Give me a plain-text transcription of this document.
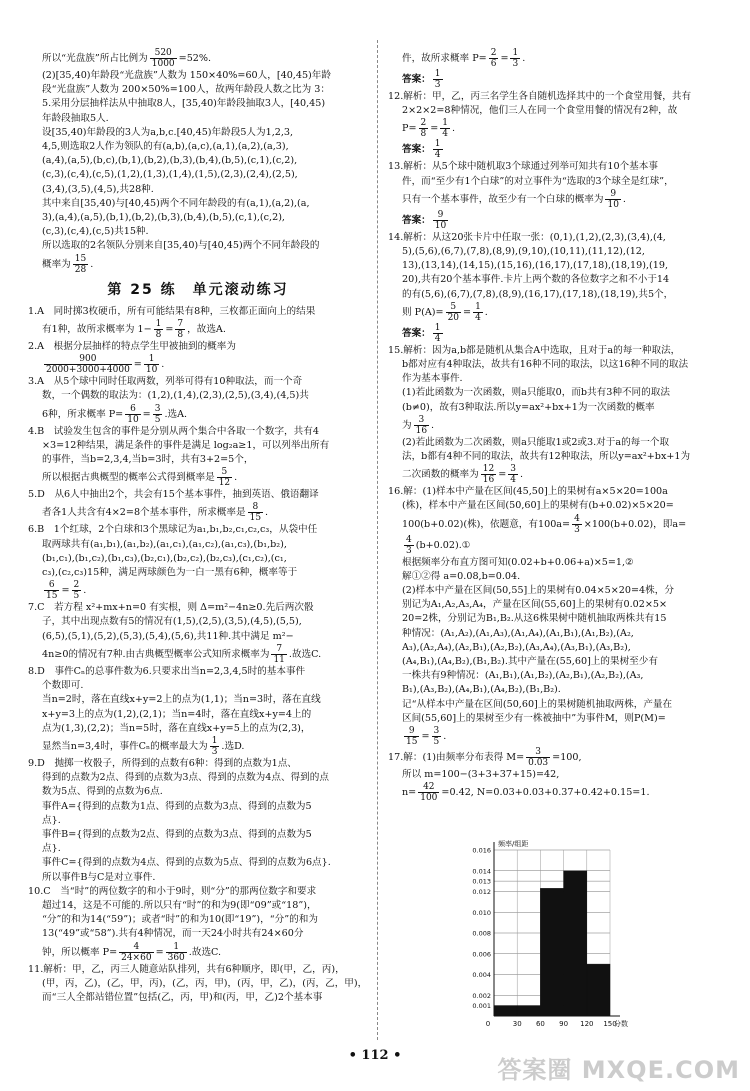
所以“光盘族”所占比例为 $\frac{520}{1000} =52\%$.

(2)[35,40)年龄段“光盘族”人数为 150×40%=60人，[40,45)年龄

段“光盘族”人数为 200×50%=100人，故两年龄段人数之比为 3：

5.采用分层抽样法从中抽取8人，[35,40)年龄段抽取3人，[40,45)

年龄段抽取5人.

设[35,40)年龄段的3人为a,b,c.[40,45)年龄段5人为1,2,3,

4,5,则选取2人作为领队的有(a,b),(a,c),(a,1),(a,2),(a,3),

(a,4),(a,5),(b,c),(b,1),(b,2),(b,3),(b,4),(b,5),(c,1),(c,2),

(c,3),(c,4),(c,5),(1,2),(1,3),(1,4),(1,5),(2,3),(2,4),(2,5),

(3,4),(3,5),(4,5),共28种.

其中来自[35,40)与[40,45)两个不同年龄段的有(a,1),(a,2),(a,

3),(a,4),(a,5),(b,1),(b,2),(b,3),(b,4),(b,5),(c,1),(c,2),

(c,3),(c,4),(c,5)共15种.

所以选取的2名领队分别来自[35,40)与[40,45)两个不同年龄段的

概率为 $\frac{15}{28}$ .

第 25 练　单元滚动练习

1.A　同时掷3枚硬币，所有可能结果有8种，三枚都正面向上的结果

有1种，故所求概率为 $1- \frac{1}{8} = \frac{7}{8}$ ，故选A.

2.A　根据分层抽样的特点学生甲被抽到的概率为

$\frac{900}{2000+3000+4000} = \frac{1}{10}$ .

3.A　从5个球中同时任取两数，列举可得有10种取法，而一个奇

数，一个偶数的取法为：(1,2),(1,4),(2,3),(2,5),(3,4),(4,5)共

6种，所求概率 $P= \frac{6}{10} = \frac{3}{5}$ .选A.

4.B　试验发生包含的事件是分别从两个集合中各取一个数字，共有4

×3=12种结果，满足条件的事件是满足 log₂a≥1，可以列举出所有

的事件，当b=2,3,4,当b=3时，共有3+2=5个，

所以根据古典概型的概率公式得到概率是 $\frac{5}{12}$ .

5.D　从6人中抽出2个，共会有15个基本事件，抽到英语、俄语翻译

者各1人共含有4×2=8个基本事件，所求概率是 $\frac{8}{15}$ .

6.B　1个红球，2个白球和3个黑球记为a₁,b₁,b₂,c₁,c₂,c₃，从袋中任

取两球共有(a₁,b₁),(a₁,b₂),(a₁,c₁),(a₁,c₂),(a₁,c₃),(b₁,b₂),

(b₁,c₁),(b₁,c₂),(b₁,c₃),(b₂,c₁),(b₂,c₂),(b₂,c₃),(c₁,c₂),(c₁,

c₃),(c₂,c₃)15种，满足两球颜色为一白一黑有6种，概率等于

$\frac{6}{15} = \frac{2}{5}$ .

7.C　若方程 x²+mx+n=0 有实根，则 Δ=m²−4n≥0.先后两次骰

子，其中出现点数有5的情况有(1,5),(2,5),(3,5),(4,5),(5,5),

(6,5),(5,1),(5,2),(5,3),(5,4),(5,6),共11种.其中满足 m²−

4n≥0的情况有7种.由古典概型概率公式知所求概率为 $\frac{7}{11}$ .故选C.

8.D　事件Cₙ的总事件数为6.只要求出当n=2,3,4,5时的基本事件

个数即可.

当n=2时，落在直线x+y=2上的点为(1,1)；当n=3时，落在直线

x+y=3上的点为(1,2),(2,1)；当n=4时，落在直线x+y=4上的

点为(1,3),(2,2)；当n=5时，落在直线x+y=5上的点为(2,3)，

显然当n=3,4时，事件Cₙ的概率最大为 $\frac{1}{3}$ .选D.

9.D　抛掷一枚骰子，所得到的点数有6种：得到的点数为1点、

得到的点数为2点、得到的点数为3点、得到的点数为4点、得到的点

数为5点、得到的点数为6点.

事件A={得到的点数为1点、得到的点数为3点、得到的点数为5

点}.

事件B={得到的点数为2点、得到的点数为3点、得到的点数为5

点}.

事件C={得到的点数为4点、得到的点数为5点、得到的点数为6点}.

所以事件B与C是对立事件.

10.C　当“时”的两位数字的和小于9时，则“分”的那两位数字和要求

超过14，这是不可能的.所以只有“时”的和为9(即“09”或“18”)，

“分”的和为14(“59”)；或者“时”的和为10(即“19”)，“分”的和为

13(“49”或“58”).共有4种情况，而一天24小时共有24×60分

钟，所以概率 $P= \frac{4}{24\times 60} = \frac{1}{360}$ .故选C.

11.解析：甲，乙，丙三人随意站队排列，共有6种顺序，即(甲，乙，丙)，

(甲，丙，乙)，(乙，甲，丙)，(乙，丙，甲)，(丙，甲，乙)，(丙，乙，甲)，

而“三人全都站错位置”包括(乙，丙，甲)和(丙，甲，乙)2个基本事

件，故所求概率 $P= \frac{2}{6} = \frac{1}{3}$ .

答案： $\frac{1}{3}$

12.解析：甲，乙，丙三名学生各自随机选择其中的一个食堂用餐，共有

2×2×2=8种情况，他们三人在同一个食堂用餐的情况有2种，故

$P= \frac{2}{8} = \frac{1}{4}$ .

答案： $\frac{1}{4}$

13.解析：从5个球中随机取3个球通过列举可知共有10个基本事

件，而“至少有1个白球”的对立事件为“选取的3个球全是红球”，

只有一个基本事件，故至少有一个白球的概率为 $\frac{9}{10}$ .

答案： $\frac{9}{10}$

14.解析：从这20张卡片中任取一张：(0,1),(1,2),(2,3),(3,4),(4,

5),(5,6),(6,7),(7,8),(8,9),(9,10),(10,11),(11,12),(12,

13),(13,14),(14,15),(15,16),(16,17),(17,18),(18,19),(19,

20),共有20个基本事件.卡片上两个数的各位数字之和不小于14

的有(5,6),(6,7),(7,8),(8,9),(16,17),(17,18),(18,19),共5个，

则 $P(A)= \frac{5}{20} = \frac{1}{4}$ .

答案： $\frac{1}{4}$

15.解析：因为a,b都是随机从集合A中选取，且对于a的每一种取法，

b都对应有4种取法，故共有16种不同的取法，以这16种不同的取法

作为基本事件.

(1)若此函数为一次函数，则a只能取0，而b共有3种不同的取法

(b≠0)，故有3种取法.所以y=ax²+bx+1为一次函数的概率

为 $\frac{3}{16}$ .

(2)若此函数为二次函数，则a只能取1或2或3.对于a的每一个取

法，b都有4种不同的取法，故共有12种取法，所以y=ax²+bx+1为

二次函数的概率为 $\frac{12}{16} = \frac{3}{4}$ .

16.解：(1)样本中产量在区间(45,50]上的果树有a×5×20=100a

(株)，样本中产量在区间(50,60]上的果树有(b+0.02)×5×20=

100(b+0.02)(株)，依题意，有$100a= \frac{4}{3} \times 100(b+0.02)$，即a=

$\frac{4}{3}$ (b+0.02).①

根据频率分布直方图可知(0.02+b+0.06+a)×5=1,②

解①②得 a=0.08,b=0.04.

(2)样本中产量在区间(50,55]上的果树有0.04×5×20=4株，分

别记为A₁,A₂,A₃,A₄，产量在区间(55,60]上的果树有0.02×5×

20=2株，分别记为B₁,B₂.从这6株果树中随机抽取两株共有15

种情况：(A₁,A₂),(A₁,A₃),(A₁,A₄),(A₁,B₁),(A₁,B₂),(A₂,

A₃),(A₂,A₄),(A₂,B₁),(A₂,B₂),(A₃,A₄),(A₃,B₁),(A₃,B₂),

(A₄,B₁),(A₄,B₂),(B₁,B₂).其中产量在(55,60]上的果树至少有

一株共有9种情况：(A₁,B₁),(A₁,B₂),(A₂,B₁),(A₂,B₂),(A₃,

B₁),(A₃,B₂),(A₄,B₁),(A₄,B₂),(B₁,B₂).

记“从样本中产量在区间(50,60]上的果树随机抽取两株，产量在

区间(55,60]上的果树至少有一株被抽中”为事件M，则P(M)=

$\frac{9}{15} = \frac{3}{5}$ .

17.解：(1)由频率分布表得 $M= \frac{3}{0.03} =100$,

所以 m=100−(3+3+37+15)=42,

$n= \frac{42}{100} =0.42$, N=0.03+0.03+0.37+0.42+0.15=1.

0.001
0.002
0.004
0.006
0.008
0.010
0.012
0.013
0.014
0.016
0	30 60 90 120 150
频率/组距
分数
• 112 •
答案圈 MXQE.COM
